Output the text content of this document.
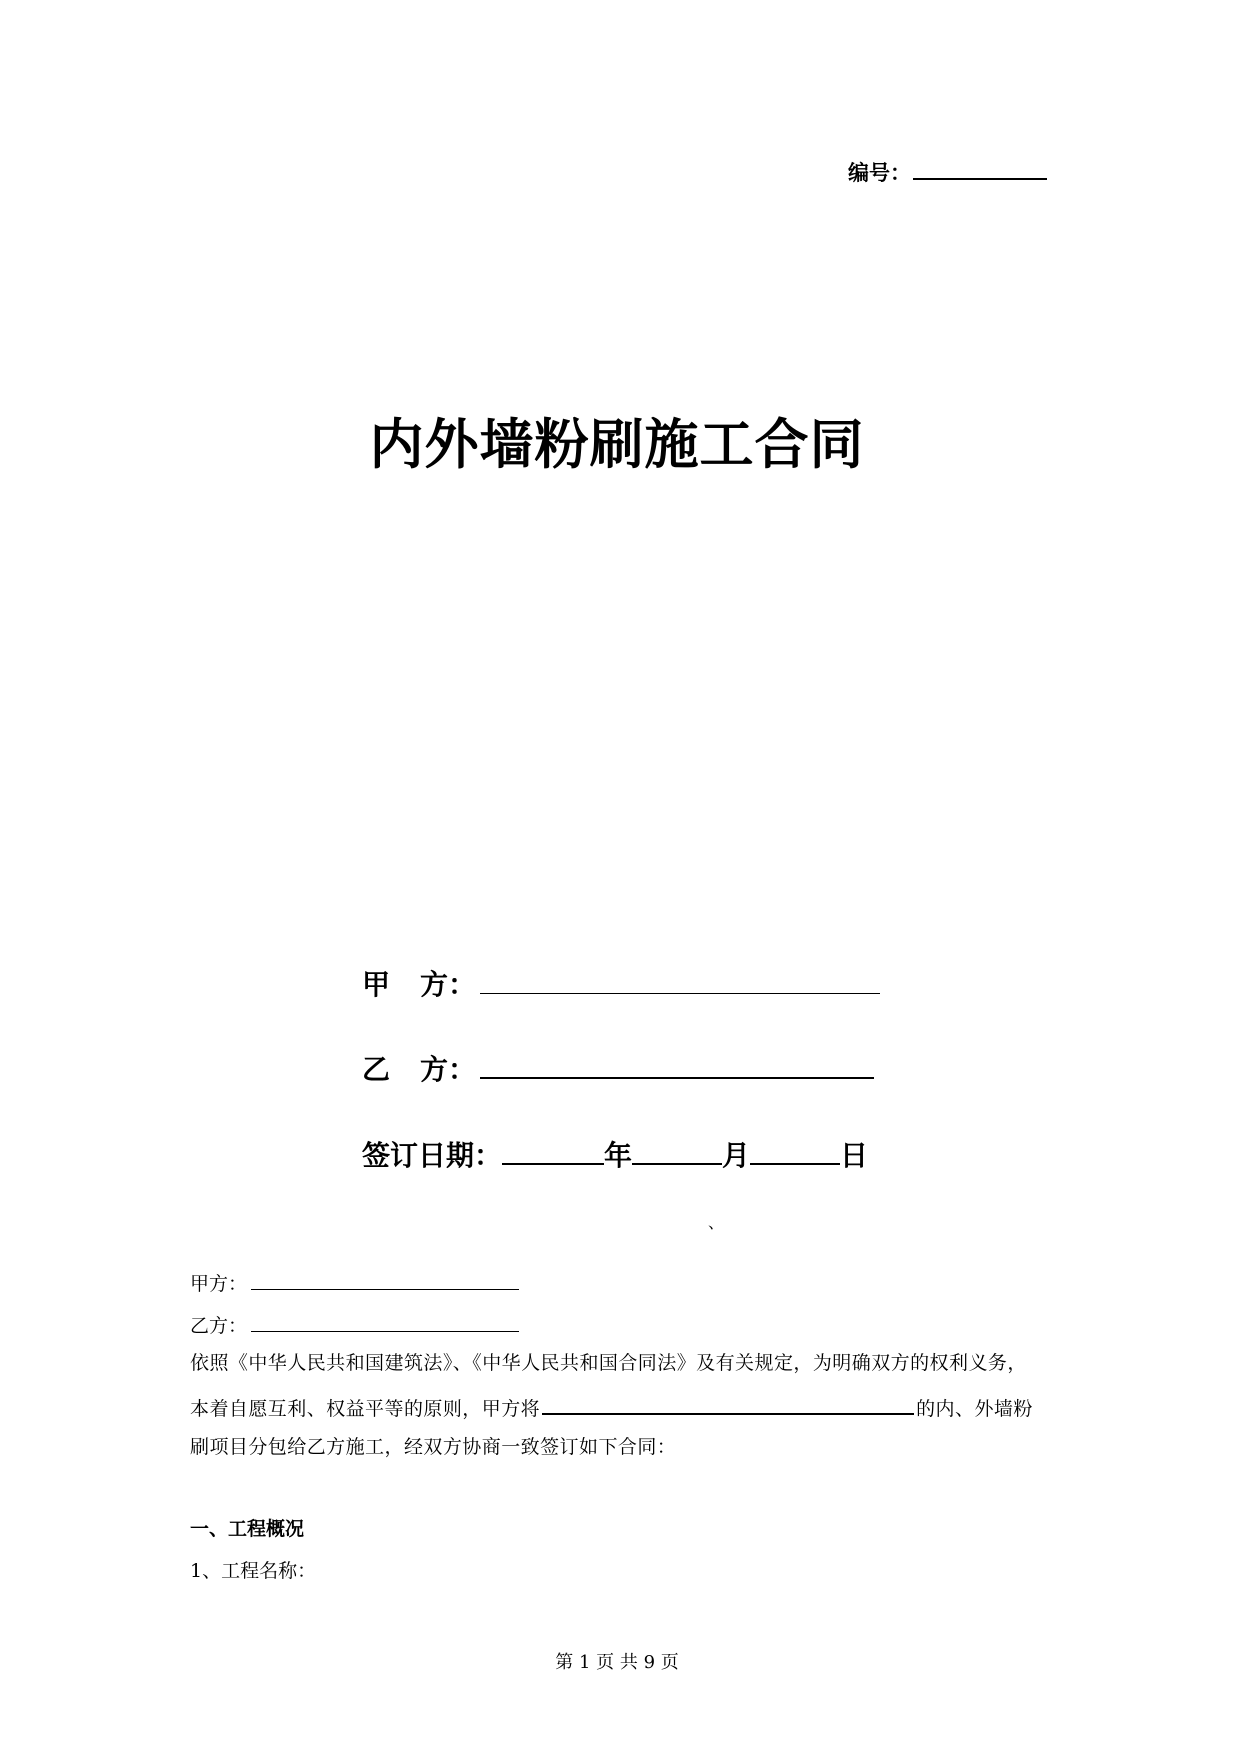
编号：
内外墙粉刷施工合同
甲 方：
乙 方：
签订日期：	年	月	日
、
甲方：
乙方：
依照《中华人民共和国建筑法》、《中华人民共和国合同法》及有关规定，为明确双方的权利义务，
本着自愿互利、权益平等的原则，甲方将	的内、外墙粉
刷项目分包给乙方施工，经双方协商一致签订如下合同：
一、工程概况
1、工程名称：
第 1 页 共 9 页
